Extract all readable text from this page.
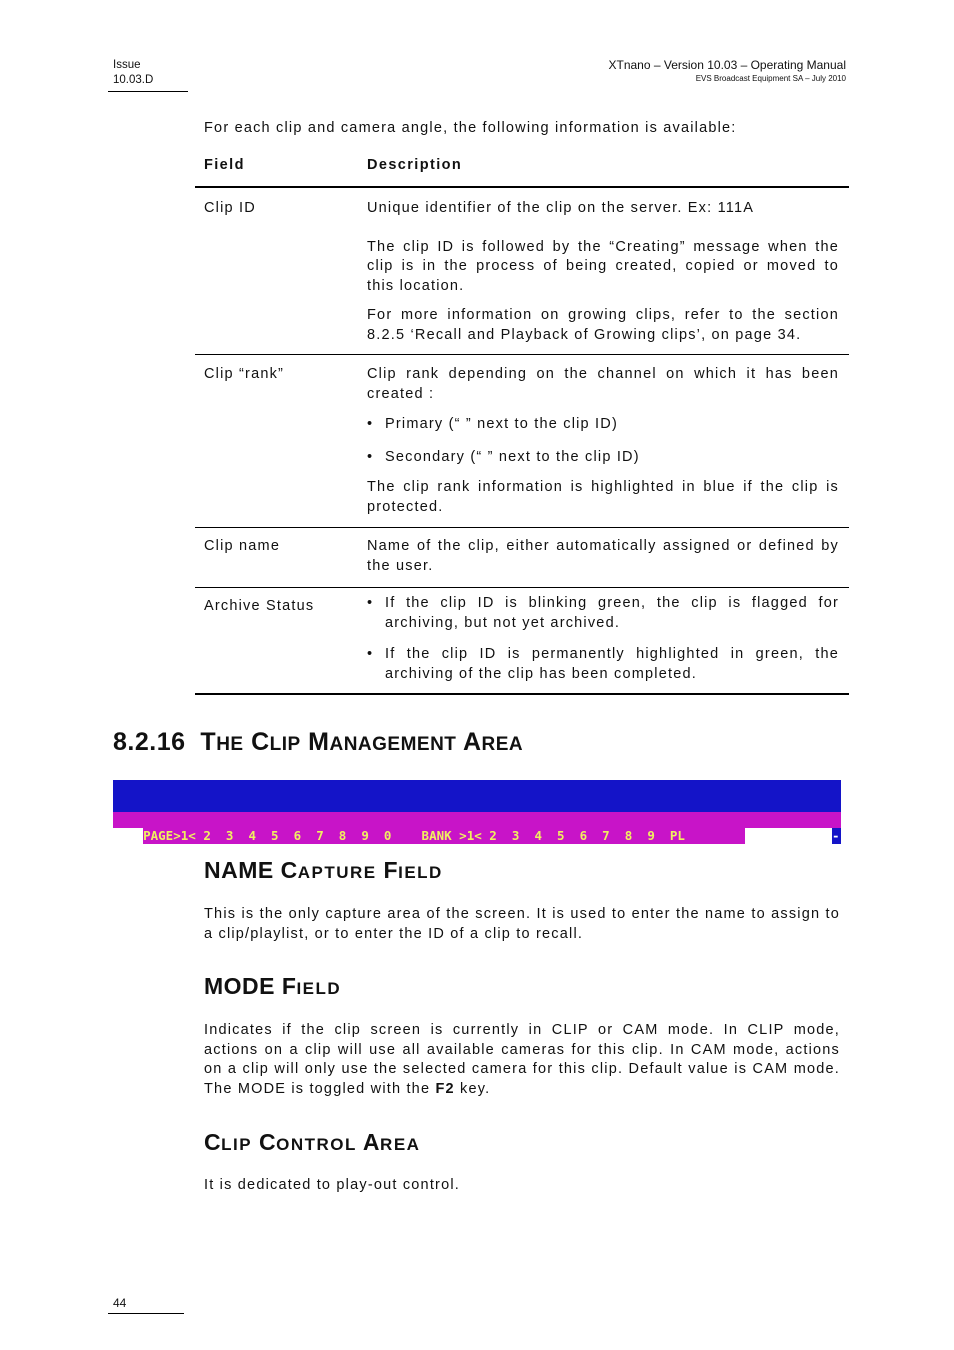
Issue
10.03.D
XTnano – Version 10.03 – Operating Manual
EVS Broadcast Equipment SA – July 2010
For each clip and camera angle, the following information is available:
Field	Description
Clip ID	Unique identifier of the clip on the server. Ex: 111A

The clip ID is followed by the “Creating” message when the clip is in the process of being created, copied or moved to this location.

For more information on growing clips, refer to the section 8.2.5 ‘Recall and Playback of Growing clips’, on page 34.

Clip “rank”	Clip rank depending on the channel on which it has been created :

• Primary (“ ” next to the clip ID)

• Secondary (“ ” next to the clip ID)

The clip rank information is highlighted in blue if the clip is protected.

Clip name	Name of the clip, either automatically assigned or defined by the user.

Archive Status

•	If the clip ID is blinking green, the clip is flagged for archiving, but not yet archived.

• If the clip ID is permanently highlighted in green, the archiving of the clip has been completed.

8.2.16 THE CLIP MANAGEMENT AREA

PAGE>1< 2  3  4  5  6  7  8  9  0    BANK >1< 2  3  4  5  6  7  8  9  PL	-

NAME CAPTURE FIELD
This is the only capture area of the screen. It is used to enter the name to assign to a clip/playlist, or to enter the ID of a clip to recall.
MODE FIELD
Indicates if the clip screen is currently in CLIP or CAM mode. In CLIP mode, actions on a clip will use all available cameras for this clip. In CAM mode, actions on a clip will only use the selected camera for this clip. Default value is CAM mode. The MODE is toggled with the F2 key.
CLIP CONTROL AREA
It is dedicated to play-out control.
44
